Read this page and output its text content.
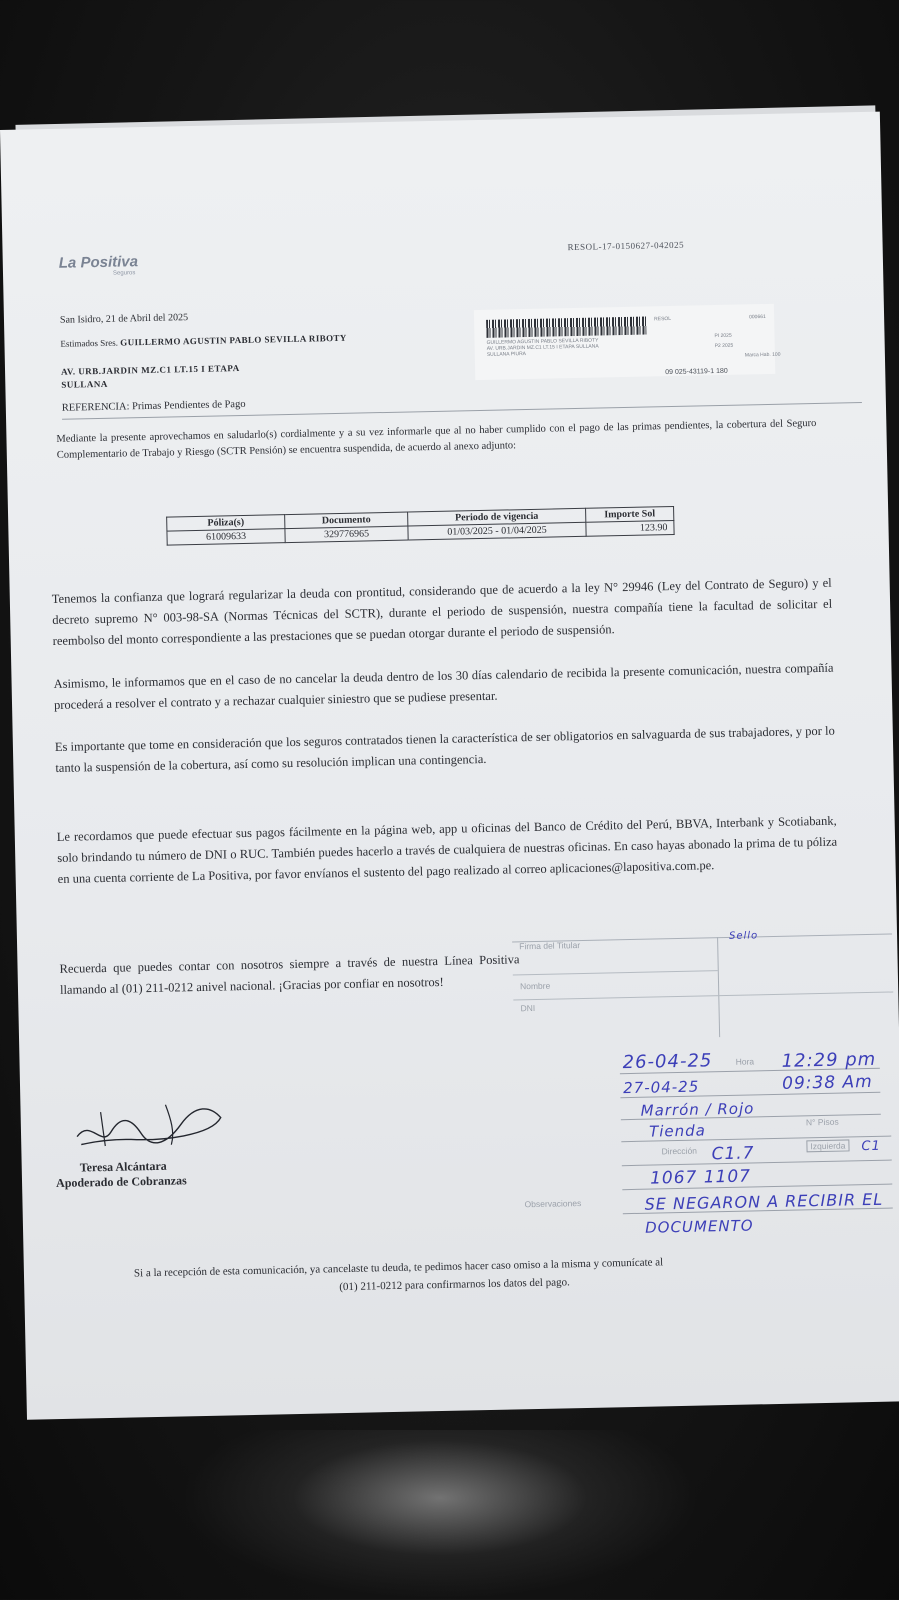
La Positiva
Seguros
RESOL-17-0150627-042025
San Isidro, 21 de Abril del 2025
Estimados Sres. GUILLERMO AGUSTIN PABLO SEVILLA RIBOTY
AV. URB.JARDIN MZ.C1 LT.15 I ETAPA
SULLANA
RESOL	000661
GUILLERMO AGUSTIN PABLO SEVILLA RIBOTY
AV. URB.JARDIN MZ.C1 LT.15 I ETAPA SULLANA
SULLANA PIURA
PI 2025
P2 2025
Marca Hab. 100
09 025-43119-1 180
REFERENCIA: Primas Pendientes de Pago
Mediante la presente aprovechamos en saludarlo(s) cordialmente y a su vez informarle que al no haber cumplido con el pago de las primas pendientes, la cobertura del Seguro Complementario de Trabajo y Riesgo (SCTR Pensión) se encuentra suspendida, de acuerdo al anexo adjunto:
Póliza(s)	Documento	Periodo de vigencia	Importe Sol
61009633	329776965	01/03/2025 - 01/04/2025	123.90
Tenemos la confianza que logrará regularizar la deuda con prontitud, considerando que de acuerdo a la ley N° 29946 (Ley del Contrato de Seguro) y el decreto supremo N° 003-98-SA (Normas Técnicas del SCTR), durante el periodo de suspensión, nuestra compañía tiene la facultad de solicitar el reembolso del monto correspondiente a las prestaciones que se puedan otorgar durante el periodo de suspensión.
Asimismo, le informamos que en el caso de no cancelar la deuda dentro de los 30 días calendario de recibida la presente comunicación, nuestra compañía procederá a resolver el contrato y a rechazar cualquier siniestro que se pudiese presentar.
Es importante que tome en consideración que los seguros contratados tienen la característica de ser obligatorios en salvaguarda de sus trabajadores, y por lo tanto la suspensión de la cobertura, así como su resolución implican una contingencia.
Le recordamos que puede efectuar sus pagos fácilmente en la página web, app u oficinas del Banco de Crédito del Perú, BBVA, Interbank y Scotiabank, solo brindando tu número de DNI o RUC. También puedes hacerlo a través de cualquiera de nuestras oficinas. En caso hayas abonado la prima de tu póliza en una cuenta corriente de La Positiva, por favor envíanos el sustento del pago realizado al correo aplicaciones@lapositiva.com.pe.
Recuerda que puedes contar con nosotros siempre a través de nuestra Línea Positiva llamando al (01) 211-0212 anivel nacional. ¡Gracias por confiar en nosotros!
Firma del Titular
Nombre
DNI
Hora
N° Pisos
Izquierda
Dirección
Observaciones
Sello
26-04-25	12:29 pm
27-04-25	09:38 Am
Marrón / Rojo
Tienda
C1.7	C1
1067 1107
SE NEGARON A RECIBIR EL
DOCUMENTO
Teresa Alcántara
Apoderado de Cobranzas
Si a la recepción de esta comunicación, ya cancelaste tu deuda, te pedimos hacer caso omiso a la misma y comunícate al
(01) 211-0212 para confirmarnos los datos del pago.
